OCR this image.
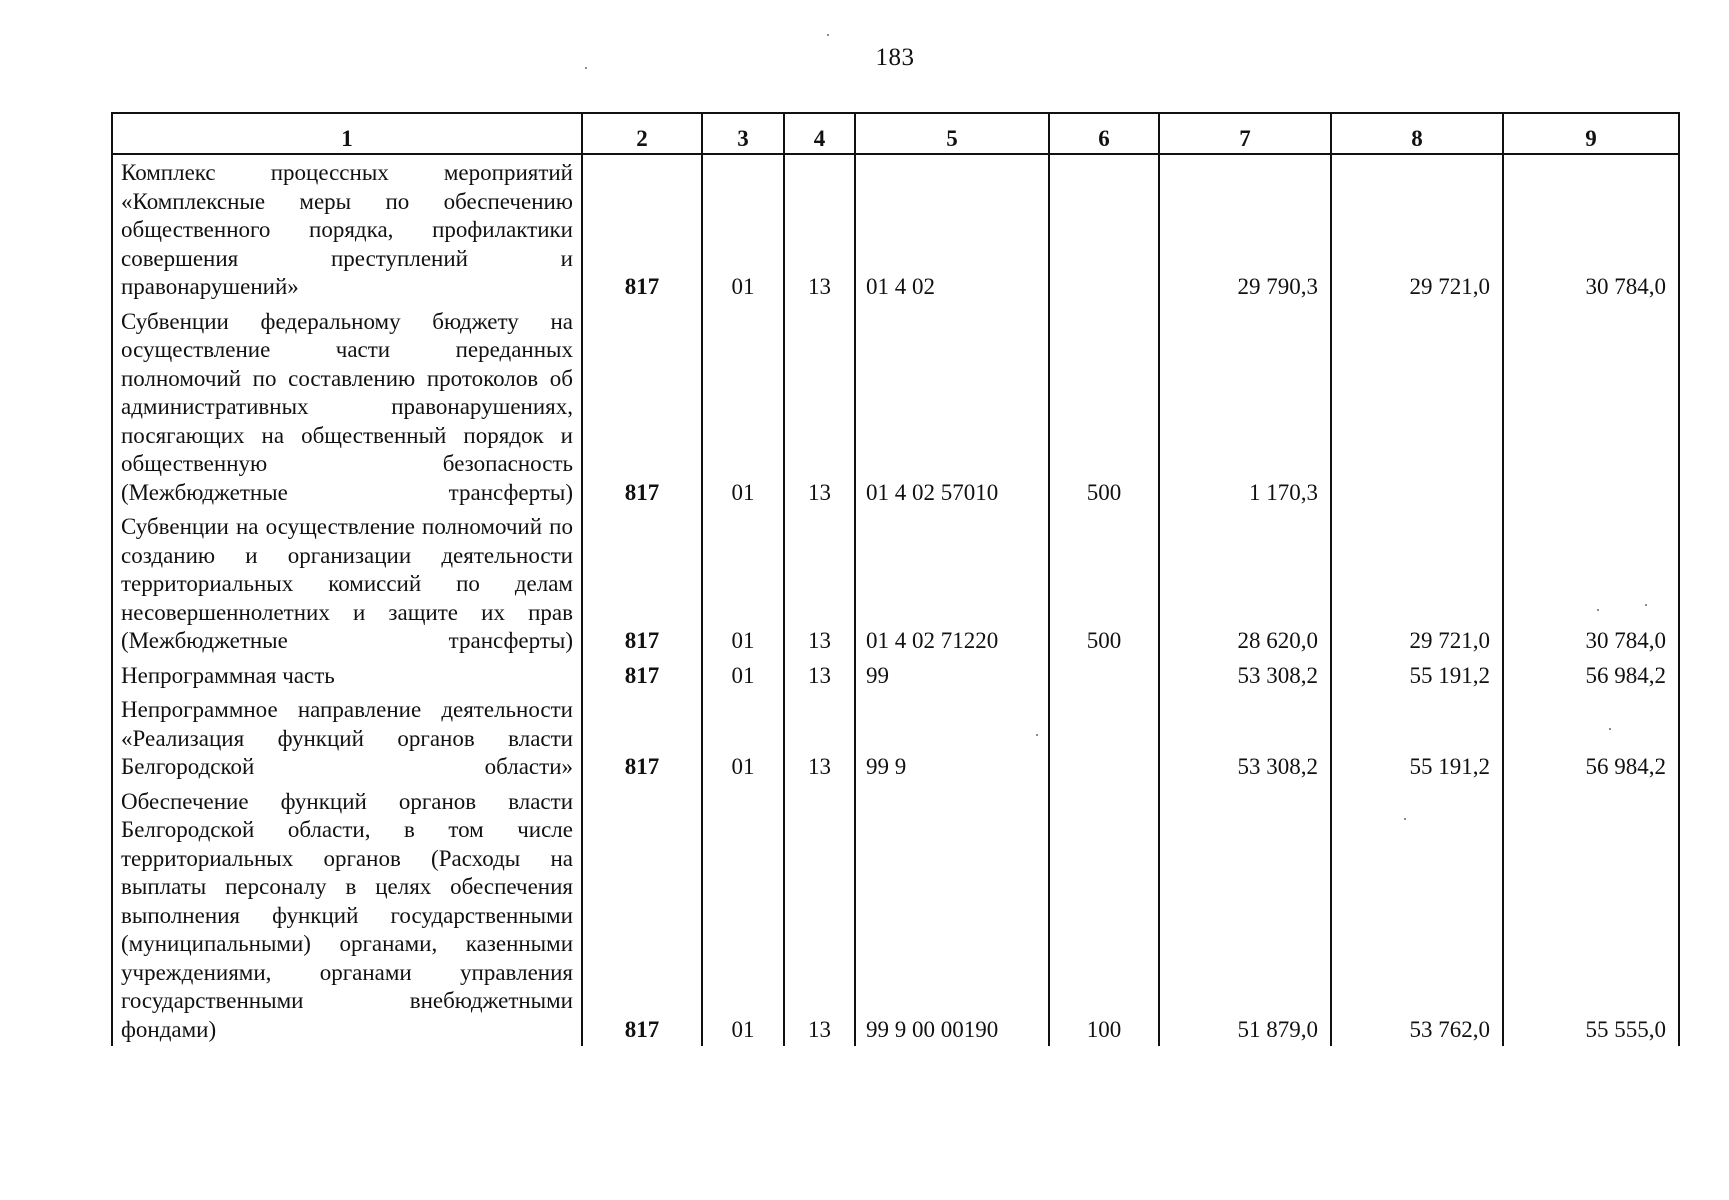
183
1	2	3	4	5	6	7	8	9
Комплекс процессных мероприятий «Комплексные меры по обеспечению общественного порядка, профилактики совершения преступлений и правонарушений»	817	01	13	01 4 02		29 790,3	29 721,0	30 784,0
Субвенции федеральному бюджету на осуществление части переданных полномочий по составлению протоколов об административных правонарушениях, посягающих на общественный порядок и общественную безопасность (Межбюджетные трансферты)	817	01	13	01 4 02 57010	500	1 170,3		
Субвенции на осуществление полномочий по созданию и организации деятельности территориальных комиссий по делам несовершеннолетних и защите их прав (Межбюджетные трансферты)	817	01	13	01 4 02 71220	500	28 620,0	29 721,0	30 784,0
Непрограммная часть	817	01	13	99		53 308,2	55 191,2	56 984,2
Непрограммное направление деятельности «Реализация функций органов власти Белгородской области»	817	01	13	99 9		53 308,2	55 191,2	56 984,2
Обеспечение функций органов власти Белгородской области, в том числе территориальных органов (Расходы на выплаты персоналу в целях обеспечения выполнения функций государственными (муниципальными) органами, казенными учреждениями, органами управления государственными внебюджетными фондами)	817	01	13	99 9 00 00190	100	51 879,0	53 762,0	55 555,0
